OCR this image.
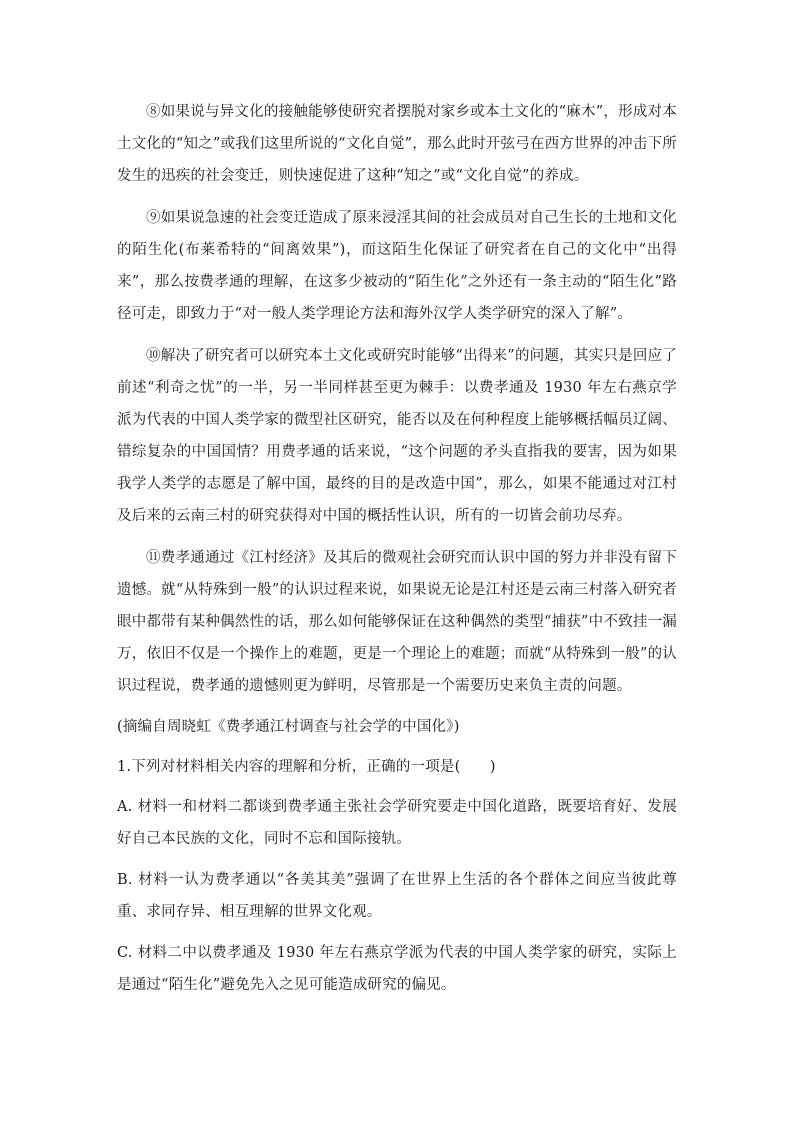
⑧如果说与异文化的接触能够使研究者摆脱对家乡或本土文化的“麻木”，形成对本土文化的“知之”或我们这里所说的“文化自觉”，那么此时开弦弓在西方世界的冲击下所发生的迅疾的社会变迁，则快速促进了这种“知之”或“文化自觉”的养成。

⑨如果说急速的社会变迁造成了原来浸淫其间的社会成员对自己生长的土地和文化的陌生化(布莱希特的“间离效果”)，而这陌生化保证了研究者在自己的文化中“出得来”，那么按费孝通的理解，在这多少被动的“陌生化”之外还有一条主动的“陌生化”路径可走，即致力于“对一般人类学理论方法和海外汉学人类学研究的深入了解”。

⑩解决了研究者可以研究本土文化或研究时能够“出得来”的问题，其实只是回应了前述“利奇之忧”的一半，另一半同样甚至更为棘手：以费孝通及 1930 年左右燕京学派为代表的中国人类学家的微型社区研究，能否以及在何种程度上能够概括幅员辽阔、错综复杂的中国国情？用费孝通的话来说，“这个问题的矛头直指我的要害，因为如果我学人类学的志愿是了解中国，最终的目的是改造中国”，那么，如果不能通过对江村及后来的云南三村的研究获得对中国的概括性认识，所有的一切皆会前功尽弃。

⑪费孝通通过《江村经济》及其后的微观社会研究而认识中国的努力并非没有留下遗憾。就“从特殊到一般”的认识过程来说，如果说无论是江村还是云南三村落入研究者眼中都带有某种偶然性的话，那么如何能够保证在这种偶然的类型“捕获”中不致挂一漏万，依旧不仅是一个操作上的难题，更是一个理论上的难题；而就“从特殊到一般”的认识过程说，费孝通的遗憾则更为鲜明，尽管那是一个需要历史来负主责的问题。

(摘编自周晓虹《费孝通江村调查与社会学的中国化》)

1.下列对材料相关内容的理解和分析，正确的一项是(　　)

A. 材料一和材料二都谈到费孝通主张社会学研究要走中国化道路，既要培育好、发展好自己本民族的文化，同时不忘和国际接轨。

B. 材料一认为费孝通以“各美其美”强调了在世界上生活的各个群体之间应当彼此尊重、求同存异、相互理解的世界文化观。

C. 材料二中以费孝通及 1930 年左右燕京学派为代表的中国人类学家的研究，实际上是通过“陌生化”避免先入之见可能造成研究的偏见。
